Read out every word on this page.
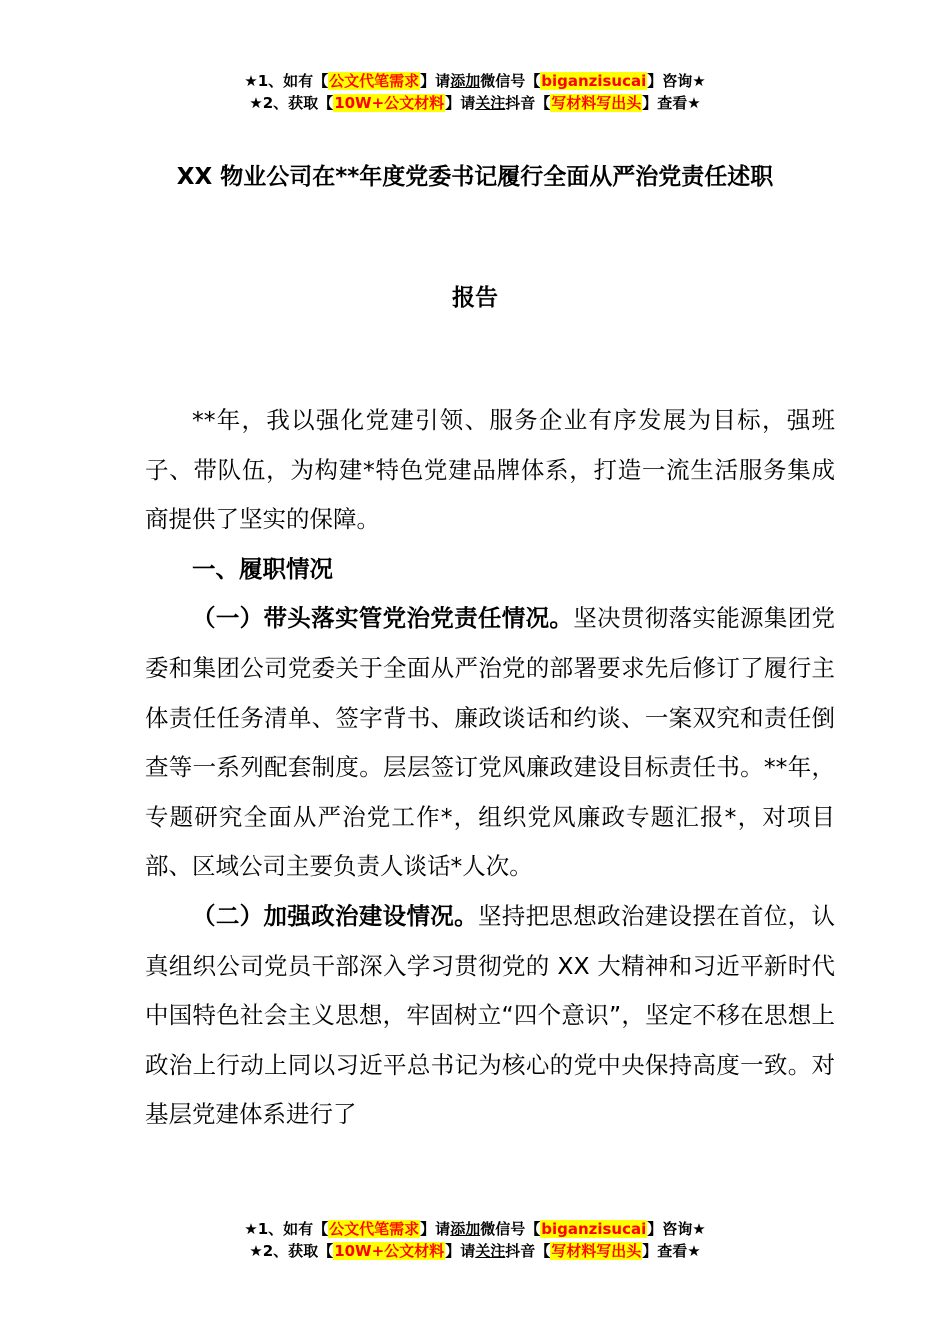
★1、如有【公文代笔需求】请添加微信号【biganzisucai】咨询★
★2、获取【10W+公文材料】请关注抖音【写材料写出头】查看★
XX 物业公司在**年度党委书记履行全面从严治党责任述职
报告

**年，我以强化党建引领、服务企业有序发展为目标，强班子、带队伍，为构建*特色党建品牌体系，打造一流生活服务集成商提供了坚实的保障。

一、履职情况

（一）带头落实管党治党责任情况。坚决贯彻落实能源集团党委和集团公司党委关于全面从严治党的部署要求先后修订了履行主体责任任务清单、签字背书、廉政谈话和约谈、一案双究和责任倒查等一系列配套制度。层层签订党风廉政建设目标责任书。**年，专题研究全面从严治党工作*，组织党风廉政专题汇报*，对项目部、区域公司主要负责人谈话*人次。

（二）加强政治建设情况。坚持把思想政治建设摆在首位，认真组织公司党员干部深入学习贯彻党的 XX 大精神和习近平新时代中国特色社会主义思想，牢固树立“四个意识”，坚定不移在思想上政治上行动上同以习近平总书记为核心的党中央保持高度一致。对基层党建体系进行了

★1、如有【公文代笔需求】请添加微信号【biganzisucai】咨询★
★2、获取【10W+公文材料】请关注抖音【写材料写出头】查看★
